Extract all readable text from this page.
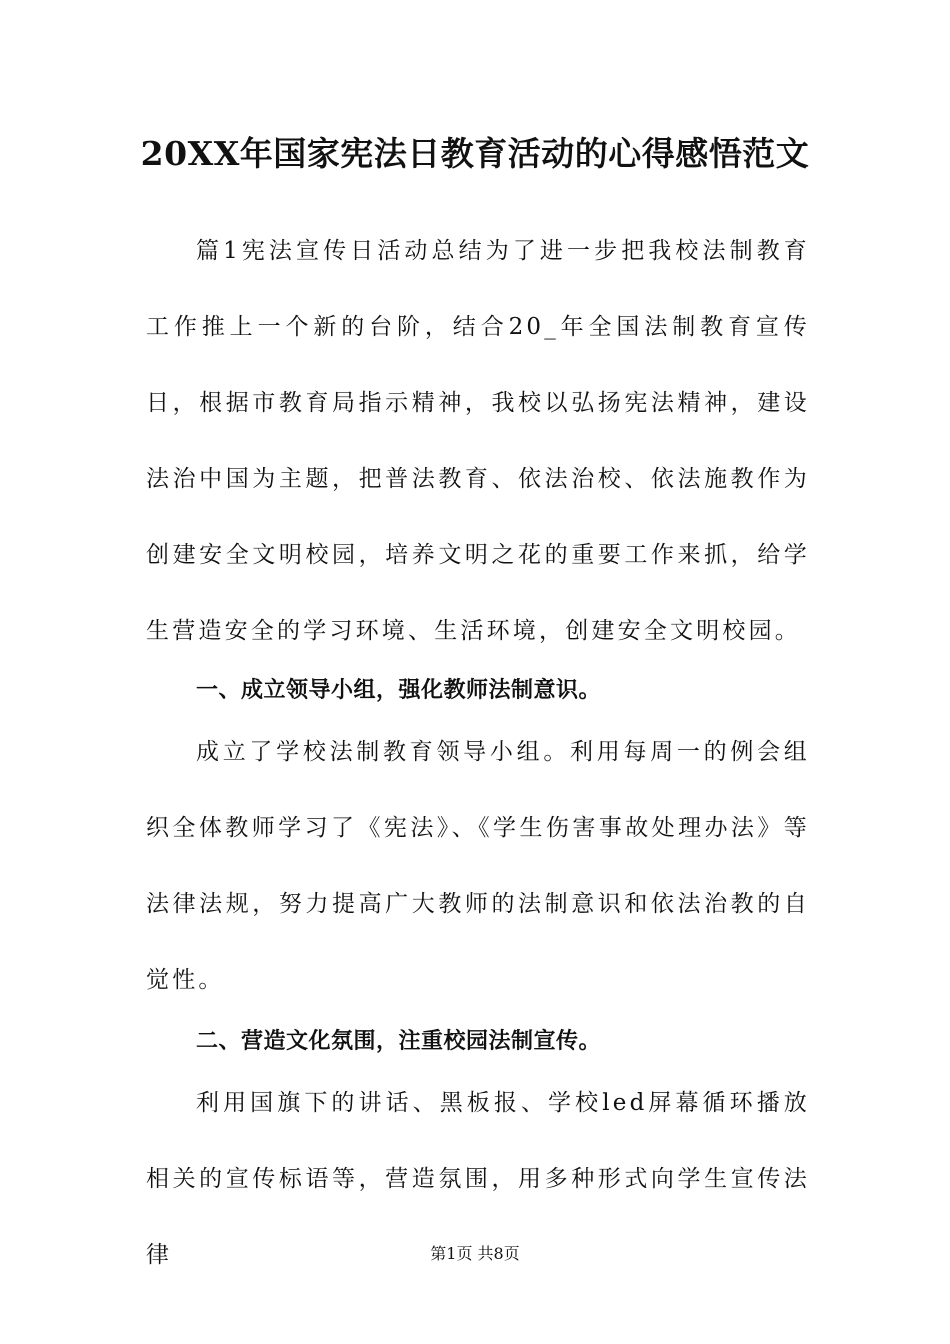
20XX年国家宪法日教育活动的心得感悟范文

篇1宪法宣传日活动总结为了进一步把我校法制教育工作推上一个新的台阶，结合20_年全国法制教育宣传日，根据市教育局指示精神，我校以弘扬宪法精神，建设法治中国为主题，把普法教育、依法治校、依法施教作为创建安全文明校园，培养文明之花的重要工作来抓，给学生营造安全的学习环境、生活环境，创建安全文明校园。

一、成立领导小组，强化教师法制意识。

成立了学校法制教育领导小组。利用每周一的例会组织全体教师学习了《宪法》、《学生伤害事故处理办法》等法律法规，努力提高广大教师的法制意识和依法治教的自觉性。

二、营造文化氛围，注重校园法制宣传。

利用国旗下的讲话、黑板报、学校led屏幕循环播放相关的宣传标语等，营造氛围，用多种形式向学生宣传法律	第1页 共8页
